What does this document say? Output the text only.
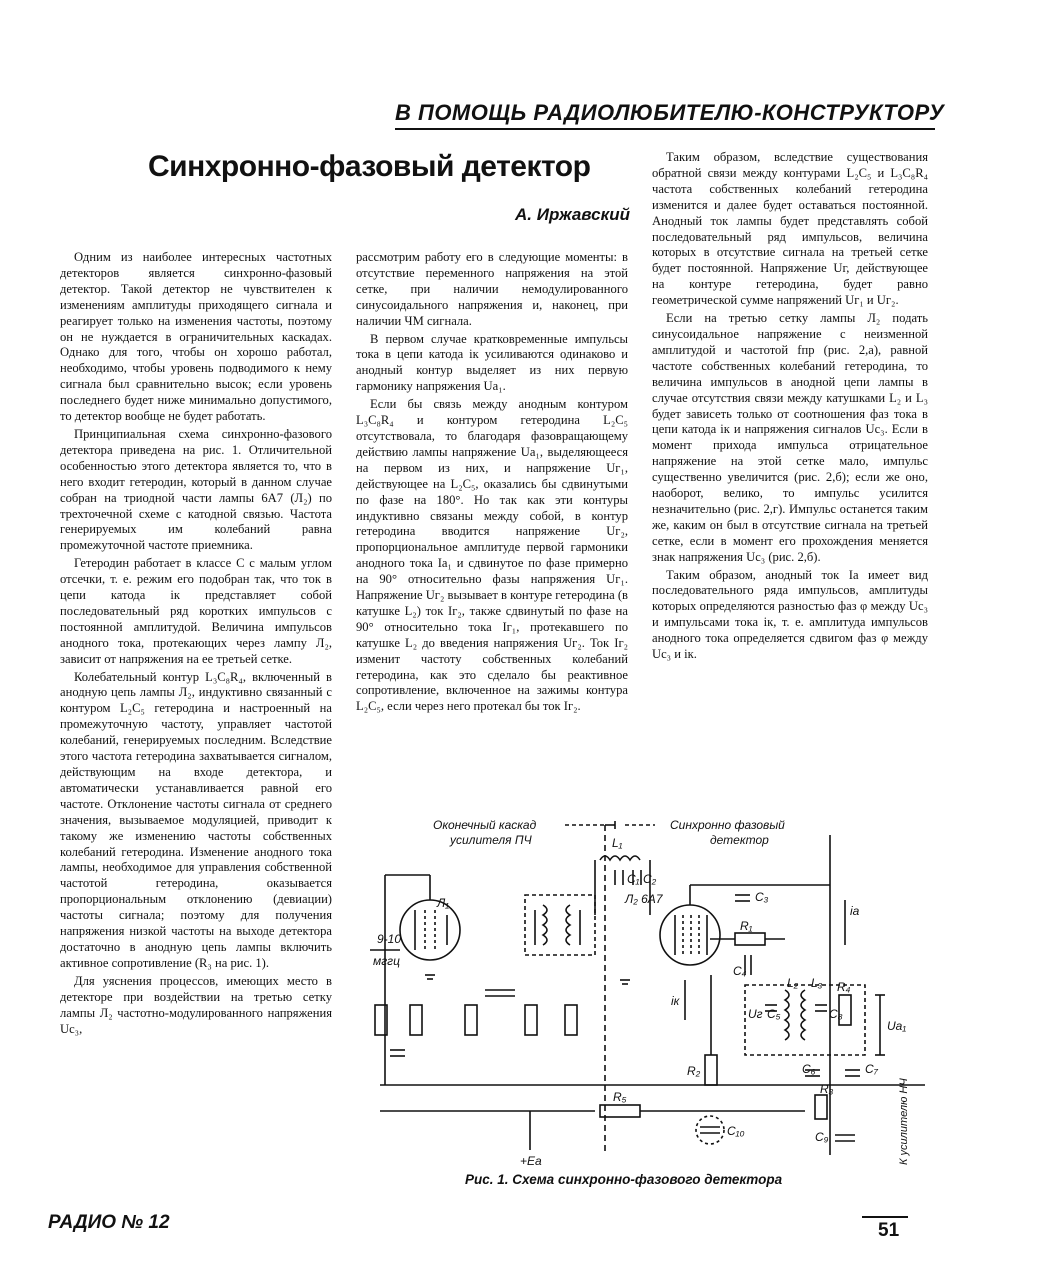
В ПОМОЩЬ РАДИОЛЮБИТЕЛЮ-КОНСТРУКТОРУ
Синхронно-фазовый детектор
А. Иржавский

Одним из наиболее интересных частотных детекторов является синхронно-фазовый детектор. Такой детектор не чувствителен к изменениям амплитуды приходящего сигнала и реагирует только на изменения частоты, поэтому он не нуждается в ограничительных каскадах. Однако для того, чтобы он хорошо работал, необходимо, чтобы уровень подводимого к нему сигнала был сравнительно высок; если уровень последнего будет ниже минимально допустимого, то детектор вообще не будет работать.

Принципиальная схема синхронно-фазового детектора приведена на рис. 1. Отличительной особенностью этого детектора является то, что в него входит гетеродин, который в данном случае собран на триодной части лампы 6А7 (Л₂) по трехточечной схеме с катодной связью. Частота генерируемых им колебаний равна промежуточной частоте приемника.

Гетеродин работает в классе С с малым углом отсечки, т. е. режим его подобран так, что ток в цепи катода iк представляет собой последовательный ряд коротких импульсов с постоянной амплитудой. Величина импульсов анодного тока, протекающих через лампу Л₂, зависит от напряжения на ее третьей сетке.

Колебательный контур L₃C₈R₄, включенный в анодную цепь лампы Л₂, индуктивно связанный с контуром L₂C₅ гетеродина и настроенный на промежуточную частоту, управляет частотой колебаний, генерируемых последним. Вследствие этого частота гетеродина захватывается сигналом, действующим на входе детектора, и автоматически устанавливается равной его частоте. Отклонение частоты сигнала от среднего значения, вызываемое модуляцией, приводит к такому же изменению частоты собственных колебаний гетеродина. Изменение анодного тока лампы, необходимое для управления собственной частотой гетеродина, оказывается пропорциональным отклонению (девиации) частоты сигнала; поэтому для получения напряжения низкой частоты на выходе детектора достаточно в анодную цепь лампы включить активное сопротивление (R₃ на рис. 1).

Для уяснения процессов, имеющих место в детекторе при воздействии на третью сетку лампы Л₂ частотно-модулированного напряжения Uс₃,

рассмотрим работу его в следующие моменты: в отсутствие переменного напряжения на этой сетке, при наличии немодулированного синусоидального напряжения и, наконец, при наличии ЧМ сигнала.

В первом случае кратковременные импульсы тока в цепи катода iк усиливаются одинаково и анодный контур выделяет из них первую гармонику напряжения Uа₁.

Если бы связь между анодным контуром L₃C₈R₄ и контуром гетеродина L₂C₅ отсутствовала, то благодаря фазовращающему действию лампы напряжение Uа₁, выделяющееся на первом из них, и напряжение Uг₁, действующее на L₂C₅, оказались бы сдвинутыми по фазе на 180°. Но так как эти контуры индуктивно связаны между собой, в контур гетеродина вводится напряжение Uг₂, пропорциональное амплитуде первой гармоники анодного тока Iа₁ и сдвинутое по фазе примерно на 90° относительно фазы напряжения Uг₁. Напряжение Uг₂ вызывает в контуре гетеродина (в катушке L₂) ток Iг₂, также сдвинутый по фазе на 90° относительно тока Iг₁, протекавшего по катушке L₂ до введения напряжения Uг₂. Ток Iг₂ изменит частоту собственных колебаний гетеродина, как это сделало бы реактивное сопротивление, включенное на зажимы контура L₂C₅, если через него протекал бы ток Iг₂.

Таким образом, вследствие существования обратной связи между контурами L₂C₅ и L₃C₈R₄ частота собственных колебаний гетеродина изменится и далее будет оставаться постоянной. Анодный ток лампы будет представлять собой последовательный ряд импульсов, величина которых в отсутствие сигнала на третьей сетке будет постоянной. Напряжение Uг, действующее на контуре гетеродина, будет равно геометрической сумме напряжений Uг₁ и Uг₂.

Если на третью сетку лампы Л₂ подать синусоидальное напряжение с неизменной амплитудой и частотой fпр (рис. 2,а), равной частоте собственных колебаний гетеродина, то величина импульсов в анодной цепи лампы в случае отсутствия связи между катушками L₂ и L₃ будет зависеть только от соотношения фаз тока в цепи катода iк и напряжения сигналов Uс₃. Если в момент прихода импульса отрицательное напряжение на этой сетке мало, импульс существенно увеличится (рис. 2,б); если же оно, наоборот, велико, то импульс усилится незначительно (рис. 2,г). Импульс останется таким же, каким он был в отсутствие сигнала на третьей сетке, если в момент его прохождения меняется знак напряжения Uс₃ (рис. 2,б).

Таким образом, анодный ток Iа имеет вид последовательного ряда импульсов, амплитуды которых определяются разностью фаз φ между Uс₃ и импульсами тока iк, т. е. амплитуда импульсов анодного тока определяется сдвигом фаз φ между Uс₃ и iк.

Оконечный каскад
усилителя ПЧ
Синхронно фазовый
детектор
9-10
мггц
Л₁	Л₂ 6А7
L₁
C₁ C₂
C₃
C₄
C₅
C₆	C₇
C₈
C₉
C₁₀
R₁
R₂
R₃
R₄
R₅
L₂ L₃
Uг
Ua₁
iа
iк
+Eа	К усилителю НЧ
Рис. 1. Схема синхронно-фазового детектора
РАДИО № 12	51
